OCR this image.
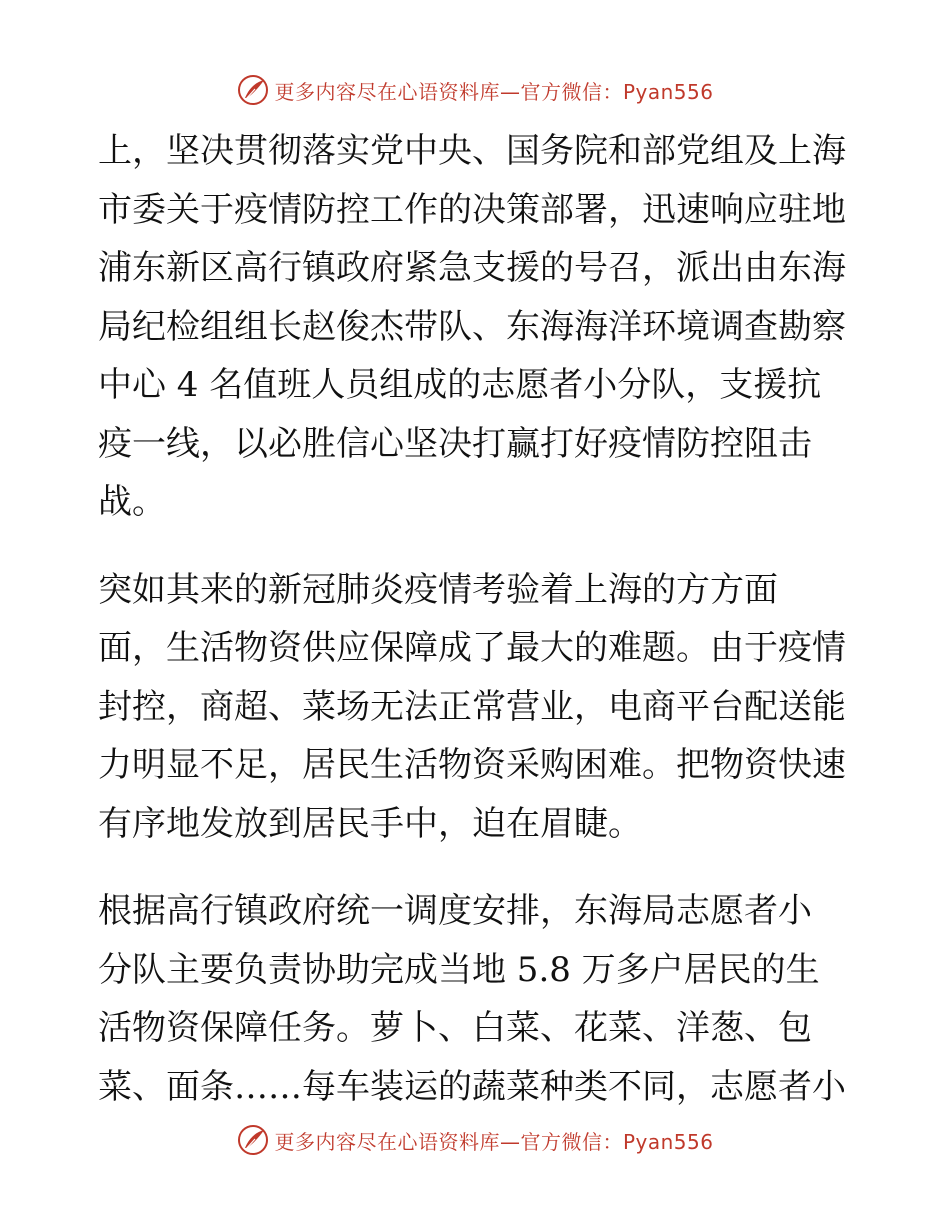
更多内容尽在心语资料库—官方微信：Pyan556
上，坚决贯彻落实党中央、国务院和部党组及上海
市委关于疫情防控工作的决策部署，迅速响应驻地
浦东新区高行镇政府紧急支援的号召，派出由东海
局纪检组组长赵俊杰带队、东海海洋环境调查勘察
中心 4 名值班人员组成的志愿者小分队，支援抗
疫一线，以必胜信心坚决打赢打好疫情防控阻击
战。
突如其来的新冠肺炎疫情考验着上海的方方面
面，生活物资供应保障成了最大的难题。由于疫情
封控，商超、菜场无法正常营业，电商平台配送能
力明显不足，居民生活物资采购困难。把物资快速
有序地发放到居民手中，迫在眉睫。
根据高行镇政府统一调度安排，东海局志愿者小
分队主要负责协助完成当地 5.8 万多户居民的生
活物资保障任务。萝卜、白菜、花菜、洋葱、包
菜、面条……每车装运的蔬菜种类不同，志愿者小
更多内容尽在心语资料库—官方微信：Pyan556
